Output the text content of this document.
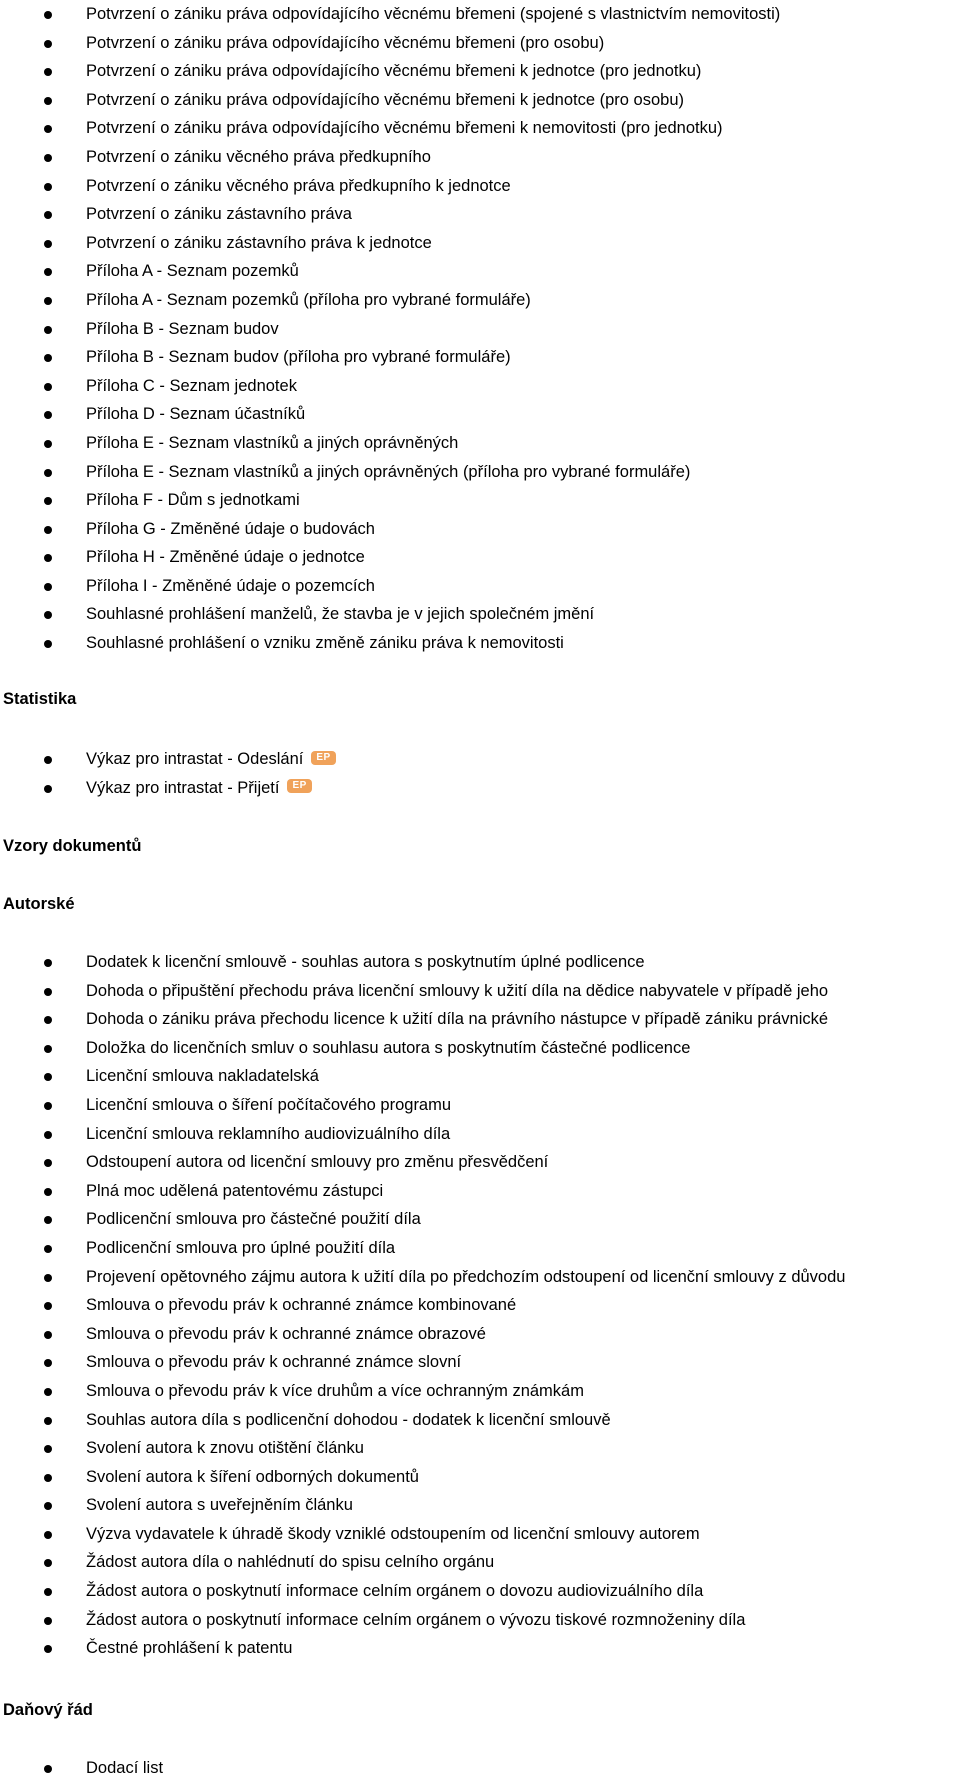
Potvrzení o zániku práva odpovídajícího věcnému břemeni (spojené s vlastnictvím nemovitosti)
Potvrzení o zániku práva odpovídajícího věcnému břemeni (pro osobu)
Potvrzení o zániku práva odpovídajícího věcnému břemeni k jednotce (pro jednotku)
Potvrzení o zániku práva odpovídajícího věcnému břemeni k jednotce (pro osobu)
Potvrzení o zániku práva odpovídajícího věcnému břemeni k nemovitosti (pro jednotku)
Potvrzení o zániku věcného práva předkupního
Potvrzení o zániku věcného práva předkupního k jednotce
Potvrzení o zániku zástavního práva
Potvrzení o zániku zástavního práva k jednotce
Příloha A - Seznam pozemků
Příloha A - Seznam pozemků (příloha pro vybrané formuláře)
Příloha B - Seznam budov
Příloha B - Seznam budov (příloha pro vybrané formuláře)
Příloha C - Seznam jednotek
Příloha D - Seznam účastníků
Příloha E - Seznam vlastníků a jiných oprávněných
Příloha E - Seznam vlastníků a jiných oprávněných (příloha pro vybrané formuláře)
Příloha F - Dům s jednotkami
Příloha G - Změněné údaje o budovách
Příloha H - Změněné údaje o jednotce
Příloha I - Změněné údaje o pozemcích
Souhlasné prohlášení manželů, že stavba je v jejich společném jmění
Souhlasné prohlášení o vzniku změně zániku práva k nemovitosti
Statistika
Výkaz pro intrastat - Odeslání EP
Výkaz pro intrastat - Přijetí EP
Vzory dokumentů
Autorské
Dodatek k licenční smlouvě - souhlas autora s poskytnutím úplné podlicence
Dohoda o připuštění přechodu práva licenční smlouvy k užití díla na dědice nabyvatele v případě jeho
Dohoda o zániku práva přechodu licence k užití díla na právního nástupce v případě zániku právnické
Doložka do licenčních smluv o souhlasu autora s poskytnutím částečné podlicence
Licenční smlouva nakladatelská
Licenční smlouva o šíření počítačového programu
Licenční smlouva reklamního audiovizuálního díla
Odstoupení autora od licenční smlouvy pro změnu přesvědčení
Plná moc udělená patentovému zástupci
Podlicenční smlouva pro částečné použití díla
Podlicenční smlouva pro úplné použití díla
Projevení opětovného zájmu autora k užití díla po předchozím odstoupení od licenční smlouvy z důvodu
Smlouva o převodu práv k ochranné známce kombinované
Smlouva o převodu práv k ochranné známce obrazové
Smlouva o převodu práv k ochranné známce slovní
Smlouva o převodu práv k více druhům a více ochranným známkám
Souhlas autora díla s podlicenční dohodou - dodatek k licenční smlouvě
Svolení autora k znovu otištění článku
Svolení autora k šíření odborných dokumentů
Svolení autora s uveřejněním článku
Výzva vydavatele k úhradě škody vzniklé odstoupením od licenční smlouvy autorem
Žádost autora díla o nahlédnutí do spisu celního orgánu
Žádost autora o poskytnutí informace celním orgánem o dovozu audiovizuálního díla
Žádost autora o poskytnutí informace celním orgánem o vývozu tiskové rozmnoženiny díla
Čestné prohlášení k patentu
Daňový řád
Dodací list
